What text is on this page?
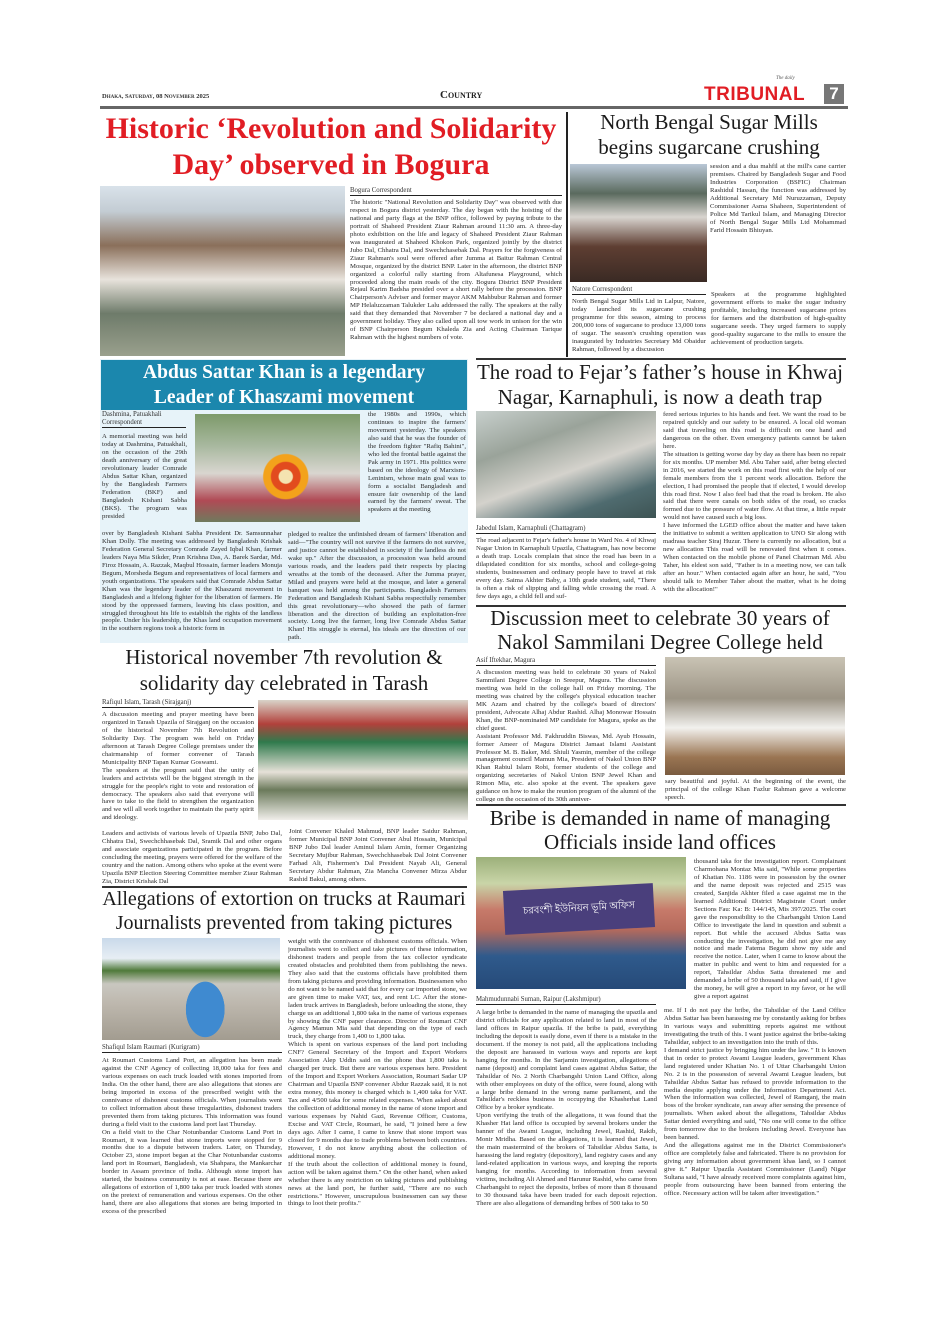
Dhaka, Saturday, 08 November 2025	Country
The daily
TRIBUNAL	7
Historic ‘Revolution and Solidarity
Day’ observed in Bogura
Bogura Correspondent
The historic "National Revolution and Solidarity Day" was observed with due respect in Bogura district yesterday. The day began with the hoisting of the national and party flags at the BNP office, followed by paying tribute to the portrait of Shaheed President Ziaur Rahman around 11:30 am. A three-day photo exhibition on the life and legacy of Shaheed President Ziaur Rahman was inaugurated at Shaheed Khokon Park, organized jointly by the district Jubo Dal, Chhatra Dal, and Swechchasebak Dal. Prayers for the forgiveness of Ziaur Rahman's soul were offered after Jumma at Baitur Rahman Central Mosque, organized by the district BNP. Later in the afternoon, the district BNP organized a colorful rally starting from Altafunesa Playground, which proceeded along the main roads of the city. Bogura District BNP President Rejaul Karim Badsha presided over a short rally before the procession. BNP Chairperson's Adviser and former mayor AKM Mahbubur Rahman and former MP Helaluzzaman Talukder Lalu addressed the rally. The speakers at the rally said that they demanded that November 7 be declared a national day and a government holiday. They also called upon all tow work in unison for the win of BNP Chairperson Begum Khaleda Zia and Acting Chairman Tarique Rahman with the highest numbers of vote.
North Bengal Sugar Mills
begins sugarcane crushing
session and a dua mahfil at the mill's cane carrier premises. Chaired by Bangladesh Sugar and Food Industries Corporation (BSFIC) Chairman Rashidul Hassan, the function was addressed by Additional Secretary Md Nuruzzaman, Deputy Commissioner Asma Shaheen, Superintendent of Police Md Tarikul Islam, and Managing Director of North Bengal Sugar Mills Ltd Mohammad Farid Hossain Bhiuyan.
Natore Correspondent
North Bengal Sugar Mills Ltd in Lalpur, Natore, today launched its sugarcane crushing programme for this season, aiming to process 200,000 tons of sugarcane to produce 13,000 tons of sugar. The season's crushing operation was inaugurated by Industries Secretary Md Obaidur Rahman, followed by a discussion
Speakers at the programme highlighted government efforts to make the sugar industry profitable, including increased sugarcane prices for farmers and the distribution of high-quality sugarcane seeds. They urged farmers to supply good-quality sugarcane to the mills to ensure the achievement of production targets.
Abdus Sattar Khan is a legendary
Leader of Khaszami movement
Dashmina, Patuakhali Correspondent
A memorial meeting was held today at Dashmina, Patuakhali, on the occasion of the 29th death anniversary of the great revolutionary leader Comrade Abdus Sattar Khan, organized by the Bangladesh Farmers Federation (BKF) and Bangladesh Kishani Sabha (BKS). The program was presided
the 1980s and 1990s, which continues to inspire the farmers' movement yesterday. The speakers also said that he was the founder of the freedom fighter "Rafiq Bahini", who led the frontal battle against the Pak army in 1971. His politics were based on the ideology of Marxism-Leninism, whose main goal was to form a socialist Bangladesh and ensure fair ownership of the land earned by the farmers' sweat. The speakers at the meeting
over by Bangladesh Kishani Sabha President Dr. Samsunnahar Khan Dolly. The meeting was addressed by Bangladesh Krishak Federation General Secretary Comrade Zayed Iqbal Khan, farmer leaders Naya Mia Sikder, Pran Krishna Das, A. Barek Sardar, Md. Firoz Hossain, A. Razzak, Maqbul Hossain, farmer leaders Monuja Begum, Morsheda Begum and representatives of local farmers and youth organizations. The speakers said that Comrade Abdus Sattar Khan was the legendary leader of the Khaszami movement in Bangladesh and a lifelong fighter for the liberation of farmers. He stood by the oppressed farmers, leaving his class position, and struggled throughout his life to establish the rights of the landless people. Under his leadership, the Khas land occupation movement in the southern regions took a historic form in
pledged to realize the unfinished dream of farmers' liberation and said—"The country will not survive if the farmers do not survive, and justice cannot be established in society if the landless do not wake up." After the discussion, a procession was held around various roads, and the leaders paid their respects by placing wreaths at the tomb of the deceased. After the Jumma prayer, Milad and prayers were held at the mosque, and later a general banquet was held among the participants. Bangladesh Farmers Federation and Bangladesh Kishani Sabha respectfully remember this great revolutionary—who showed the path of farmer liberation and the direction of building an exploitation-free society. Long live the farmer, long live Comrade Abdus Sattar Khan! His struggle is eternal, his ideals are the direction of our path.
The road to Fejar’s father’s house in Khwaj
Nagar, Karnaphuli, is now a death trap
Jabedul Islam, Karnaphuli (Chattagram)
The road adjacent to Fejar's father's house in Ward No. 4 of Khwaj Nagar Union in Karnaphuli Upazila, Chattagram, has now become a death trap. Locals complain that since the road has been in a dilapidated condition for six months, school and college-going students, businessmen and ordinary people have to travel at risk every day. Saima Akhter Baby, a 10th grade student, said, "There is often a risk of slipping and falling while crossing the road. A few days ago, a child fell and suf-

fered serious injuries to his hands and feet. We want the road to be repaired quickly and our safety to be ensured. A local old woman said that traveling on this road is difficult on one hand and dangerous on the other. Even emergency patients cannot be taken here.

The situation is getting worse day by day as there has been no repair for six months. UP member Md. Abu Taher said, after being elected in 2016, we started the work on this road first with the help of our female members from the 1 percent work allocation. Before the election, I had promised the people that if elected, I would develop this road first. Now I also feel bad that the road is broken. He also said that there were canals on both sides of the road, so cracks formed due to the pressure of water flow. At that time, a little repair would not have caused such a big loss.

I have informed the LGED office about the matter and have taken the initiative to submit a written application to UNO Sir along with madrasa teacher Siraj Huzur. There is currently no allocation, but a new allocation This road will be renovated first when it comes. When contacted on the mobile phone of Panel Chairman Md. Abu Taher, his eldest son said, "Father is in a meeting now, we can talk after an hour." When contacted again after an hour, he said, "You should talk to Member Taher about the matter, what is he doing with the allocation!"

Discussion meet to celebrate 30 years of
Nakol Sammilani Degree College held
Asif Iftekhar, Magura

A discussion meeting was held to celebrate 30 years of Nakol Sammilani Degree College in Sreepur, Magura. The discussion meeting was held in the college hall on Friday morning. The meeting was chaired by the college's physical education teacher MK Azam and chaired by the college's board of directors' president, Advocate Alhaj Abdur Rashid. Alhaj Monowar Hossain Khan, the BNP-nominated MP candidate for Magura, spoke as the chief guest.

Assistant Professor Md. Fakhruddin Biswas, Md. Ayub Hossain, former Ameer of Magura District Jamaat Islami Assistant Professor M. B. Baker, Md. Shiuli Yasmin, member of the college management council Mamun Mia, President of Nakol Union BNP Khan Rabiul Islam Robi, former students of the college and organizing secretaries of Nakol Union BNP Jewel Khan and Rimon Mia, etc. also spoke at the event. The speakers gave guidance on how to make the reunion program of the alumni of the college on the occasion of its 30th anniver-

sary beautiful and joyful. At the beginning of the event, the principal of the college Khan Fazlur Rahman gave a welcome speech.
Historical november 7th revolution &
solidarity day celebrated in Tarash
Rafiqul Islam, Tarash (Sirajganj)

A discussion meeting and prayer meeting have been organized in Tarash Upazila of Sirajganj on the occasion of the historical November 7th Revolution and Solidarity Day. The program was held on Friday afternoon at Tarash Degree College premises under the chairmanship of former convener of Tarash Municipality BNP Tapan Kumar Goswami.

The speakers at the program said that the unity of leaders and activists will be the biggest strength in the struggle for the people's right to vote and restoration of democracy. The speakers also said that everyone will have to take to the field to strengthen the organization and we will all work together to maintain the party spirit and ideology.

Leaders and activists of various levels of Upazila BNP, Jubo Dal, Chhatra Dal, Swechchhasebak Dal, Sramik Dal and other organs and associate organizations participated in the program. Before concluding the meeting, prayers were offered for the welfare of the country and the nation. Among others who spoke at the event were Upazila BNP Election Steering Committee member Ziaur Rahman Zia, District Krishak Dal
Joint Convener Khaled Mahmud, BNP leader Saidur Rahman, former Municipal BNP Joint Convener Abul Hossain, Municipal BNP Jubo Dal leader Aminul Islam Amin, former Organizing Secretary Mujibur Rahman, Swechchhasebak Dal Joint Convener Farhad Ali, Fishermen's Dal President Nayab Ali, General Secretary Abdur Rahman, Zia Mancha Convener Mirza Abdur Rashid Bakul, among others.
Allegations of extortion on trucks at Raumari
Journalists prevented from taking pictures
Shafiqul Islam Raumari (Kurigram)

At Roumari Customs Land Port, an allegation has been made against the CNF Agency of collecting 18,000 taka for fees and various expenses on each truck loaded with stones imported from India. On the other hand, there are also allegations that stones are being imported in excess of the prescribed weight with the connivance of dishonest customs officials. When journalists went to collect information about these irregularities, dishonest traders prevented them from taking pictures. This information was found during a field visit to the customs land port last Thursday.

On a field visit to the Char Notunbandar Customs Land Port in Roumari, it was learned that stone imports were stopped for 9 months due to a dispute between traders. Later, on Thursday, October 23, stone import began at the Char Notunbandar customs land port in Roumari, Bangladesh, via Shahpara, the Mankarchar border in Assam province of India. Although stone import has started, the business community is not at ease. Because there are allegations of extortion of 1,800 taka per truck loaded with stones on the pretext of remuneration and various expenses. On the other hand, there are also allegations that stones are being imported in excess of the prescribed

weight with the connivance of dishonest customs officials. When journalists went to collect and take pictures of these information, dishonest traders and people from the tax collector syndicate created obstacles and prohibited them from publishing the news. They also said that the customs officials have prohibited them from taking pictures and providing information. Businessmen who do not want to be named said that for every car imported stone, we are given time to make VAT, tax, and rent LC. After the stone-laden truck arrives in Bangladesh, before unloading the stone, they charge us an additional 1,800 taka in the name of various expenses by showing the CNF paper clearance. Director of Roumari CNF Agency Mamun Mia said that depending on the type of each truck, they charge from 1,400 to 1,800 taka.

Which is spent on various expenses of the land port including CNF? General Secretary of the Import and Export Workers Association Alep Uddin said on the phone that 1,800 taka is charged per truck. But there are various expenses here. President of the Import and Export Workers Association, Roumari Sadar UP Chairman and Upazila BNP convener Abdur Razzak said, it is not extra money, this money is charged which is 1,400 taka for VAT. Tax and 4/500 taka for some related expenses. When asked about the collection of additional money in the name of stone import and various expenses by Nahid Gazi, Revenue Officer, Customs, Excise and VAT Circle, Roumari, he said, "I joined here a few days ago. After I came, I came to know that stone import was closed for 9 months due to trade problems between both countries. However, I do not know anything about the collection of additional money.

If the truth about the collection of additional money is found, action will be taken against them." On the other hand, when asked whether there is any restriction on taking pictures and publishing news at the land port, he further said, "There are no such restrictions." However, unscrupulous businessmen can say these things to loot their profits."

Bribe is demanded in name of managing
Officials inside land offices
চরবংশী ইউনিয়ন ভূমি অফিস
Mahmudunnabi Suman, Raipur (Lakshmipur)
thousand taka for the investigation report. Complainant Charmohana Montaz Mia said, "While some properties of Khatian No. 1186 were in possession by the owner and the name deposit was rejected and 2515 was created, Sanjida Akhter filed a case against me in the learned Additional District Magistrate Court under Sections Fau: Ka: B: 144/145, Mis 397/2025. The court gave the responsibility to the Charbangshi Union Land Office to investigate the land in question and submit a report. But while the accused Abdus Satta was conducting the investigation, he did not give me any notice and made Fatema Begum show my side and receive the notice. Later, when I came to know about the matter in public and went to him and requested for a report, Tahsildar Abdus Satta threatened me and demanded a bribe of 50 thousand taka and said, if I give the money, he will give a report in my favor, or he will give a report against

A large bribe is demanded in the name of managing the upazila and district officials for any application related to land in most of the land offices in Raipur upazila. If the bribe is paid, everything including the deposit is easily done, even if there is a mistake in the document. if the money is not paid, all the applications including the deposit are harassed in various ways and reports are kept hanging for months. In the Sarjamin investigation, allegations of name (deposit) and complaint land cases against Abdus Sattar, the Tahsildar of No. 2 North Charbangshi Union Land Office, along with other employees on duty of the office, were found, along with a large bribe demand in the wrong name parliament, and the Tahsildar's reckless business in occupying the Khasherhat Land Office by a broker syndicate.

Upon verifying the truth of the allegations, it was found that the Khasher Hat land office is occupied by several brokers under the banner of the Awami League, including Jewel, Rashid, Rakib, Monir Mridha. Based on the allegations, it is learned that Jewel, the main mastermind of the brokers of Tahsildar Abdus Satta, is harassing the land registry (depository), land registry cases and any land-related application in various ways, and keeping the reports hanging for months. According to information from several victims, including Ali Ahmed and Harunur Rashid, who came from Charbangshi to reject the deposits, bribes of more than 8 thousand to 30 thousand taka have been traded for each deposit rejection. There are also allegations of demanding bribes of 500 taka to 50

me. If I do not pay the bribe, the Tahsildar of the Land Office Abdus Sattar has been harassing me by constantly asking for bribes in various ways and submitting reports against me without investigating the truth of this. I want justice against the bribe-taking Tahsildar, subject to an investigation into the truth of this.

I demand strict justice by bringing him under the law. " It is known that in order to protect Awami League leaders, government Khas land registered under Khatian No. 1 of Uttar Charbangshi Union No. 2 is in the possession of several Awami League leaders, but Tahsildar Abdus Sattar has refused to provide information to the media despite applying under the Information Department Act. When the information was collected, Jewel of Ramganj, the main boss of the broker syndicate, ran away after sensing the presence of journalists. When asked about the allegations, Tahsildar Abdus Sattar denied everything and said, "No one will come to the office from tomorrow due to the brokers including Jewel. Everyone has been banned.

And the allegations against me in the District Commissioner's office are completely false and fabricated. There is no provision for giving any information about government khas land, so I cannot give it." Raipur Upazila Assistant Commissioner (Land) Nigar Sultana said, "I have already received more complaints against him, people from outsourcing have been banned from entering the office. Necessary action will be taken after investigation."
